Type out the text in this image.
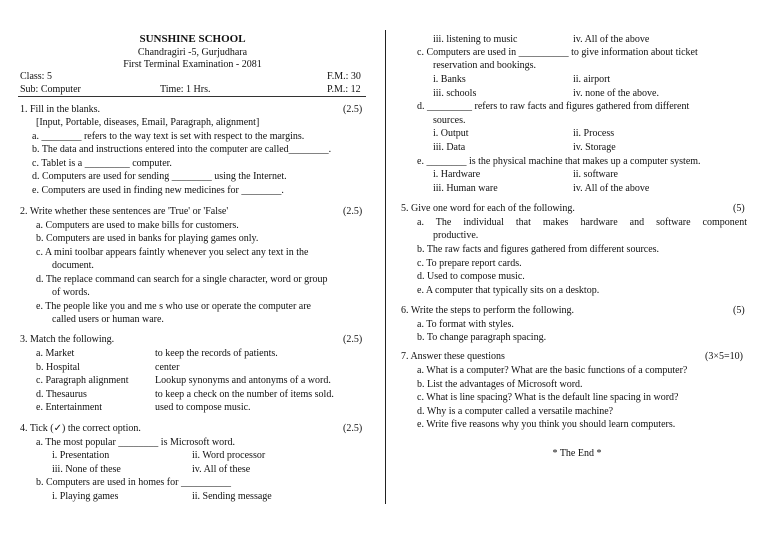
SUNSHINE SCHOOL
Chandragiri -5, Gurjudhara
First Terminal Examination - 2081
Class: 5	F.M.: 30
Sub: Computer	Time: 1 Hrs.	P.M.: 12
1. Fill in the blanks.	(2.5)
[Input, Portable, diseases, Email, Paragraph, alignment]
a. ________ refers to the way text is set with respect to the margins.
b. The data and instructions entered into the computer are called________.
c. Tablet is a _________ computer.
d. Computers are used for sending ________ using the Internet.
e. Computers are used in finding new medicines for ________.
2. Write whether these sentences are 'True' or 'False'	(2.5)
a. Computers are used to make bills for customers.
b. Computers are used in banks for playing games only.
c. A mini toolbar appears faintly whenever you select any text in the
document.
d. The replace command can search for a single character, word or group
of words.
e. The people like you and me s who use or operate the computer are
called users or human ware.
3. Match the following.	(2.5)
a. Market	to keep the records of patients.
b. Hospital	center
c. Paragraph alignment	Lookup synonyms and antonyms of a word.
d. Thesaurus	to keep a check on the number of items sold.
e. Entertainment	used to compose music.
4. Tick (✓) the correct option.	(2.5)
a. The most popular ________ is Microsoft word.
i. Presentation	ii. Word processor
iii. None of these	iv. All of these
b. Computers are used in homes for __________
i. Playing games	ii. Sending message
iii. listening to music	iv. All of the above
c. Computers are used in __________ to give information about ticket
reservation and bookings.
i. Banks	ii. airport
iii. schools	iv. none of the above.
d. _________ refers to raw facts and figures gathered from different
sources.
i. Output	ii. Process
iii. Data	iv. Storage
e. ________ is the physical machine that makes up a computer system.
i. Hardware	ii. software
iii. Human ware	iv. All of the above
5. Give one word for each of the following.	(5)
a. The individual that makes hardware and software component
productive.
b. The raw facts and figures gathered from different sources.
c. To prepare report cards.
d. Used to compose music.
e. A computer that typically sits on a desktop.
6. Write the steps to perform the following.	(5)
a. To format with styles.
b. To change paragraph spacing.
7. Answer these questions	(3×5=10)
a. What is a computer? What are the basic functions of a computer?
b. List the advantages of Microsoft word.
c. What is line spacing? What is the default line spacing in word?
d. Why is a computer called a versatile machine?
e. Write five reasons why you think you should learn computers.
* The End *
